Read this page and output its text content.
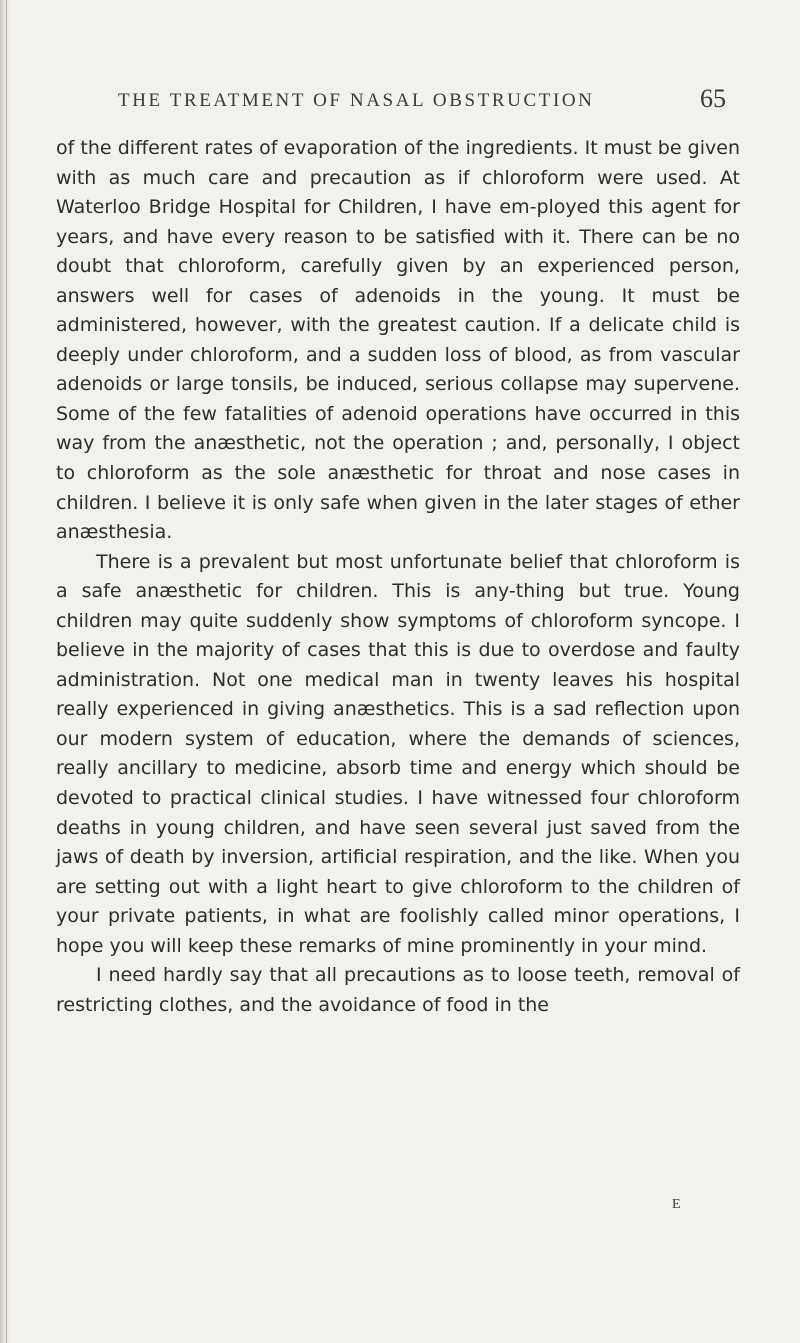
THE TREATMENT OF NASAL OBSTRUCTION	65

of the different rates of evaporation of the ingredients. It must be given with as much care and precaution as if chloroform were used. At Waterloo Bridge Hospital for Children, I have em-ployed this agent for years, and have every reason to be satisfied with it. There can be no doubt that chloroform, carefully given by an experienced person, answers well for cases of adenoids in the young. It must be administered, however, with the greatest caution. If a delicate child is deeply under chloroform, and a sudden loss of blood, as from vascular adenoids or large tonsils, be induced, serious collapse may supervene. Some of the few fatalities of adenoid operations have occurred in this way from the anæsthetic, not the operation ; and, personally, I object to chloroform as the sole anæsthetic for throat and nose cases in children. I believe it is only safe when given in the later stages of ether anæsthesia.

There is a prevalent but most unfortunate belief that chloroform is a safe anæsthetic for children. This is any-thing but true. Young children may quite suddenly show symptoms of chloroform syncope. I believe in the majority of cases that this is due to overdose and faulty administration. Not one medical man in twenty leaves his hospital really experienced in giving anæsthetics. This is a sad reflection upon our modern system of education, where the demands of sciences, really ancillary to medicine, absorb time and energy which should be devoted to practical clinical studies. I have witnessed four chloroform deaths in young children, and have seen several just saved from the jaws of death by inversion, artificial respiration, and the like. When you are setting out with a light heart to give chloroform to the children of your private patients, in what are foolishly called minor operations, I hope you will keep these remarks of mine prominently in your mind.

I need hardly say that all precautions as to loose teeth, removal of restricting clothes, and the avoidance of food in the

E
